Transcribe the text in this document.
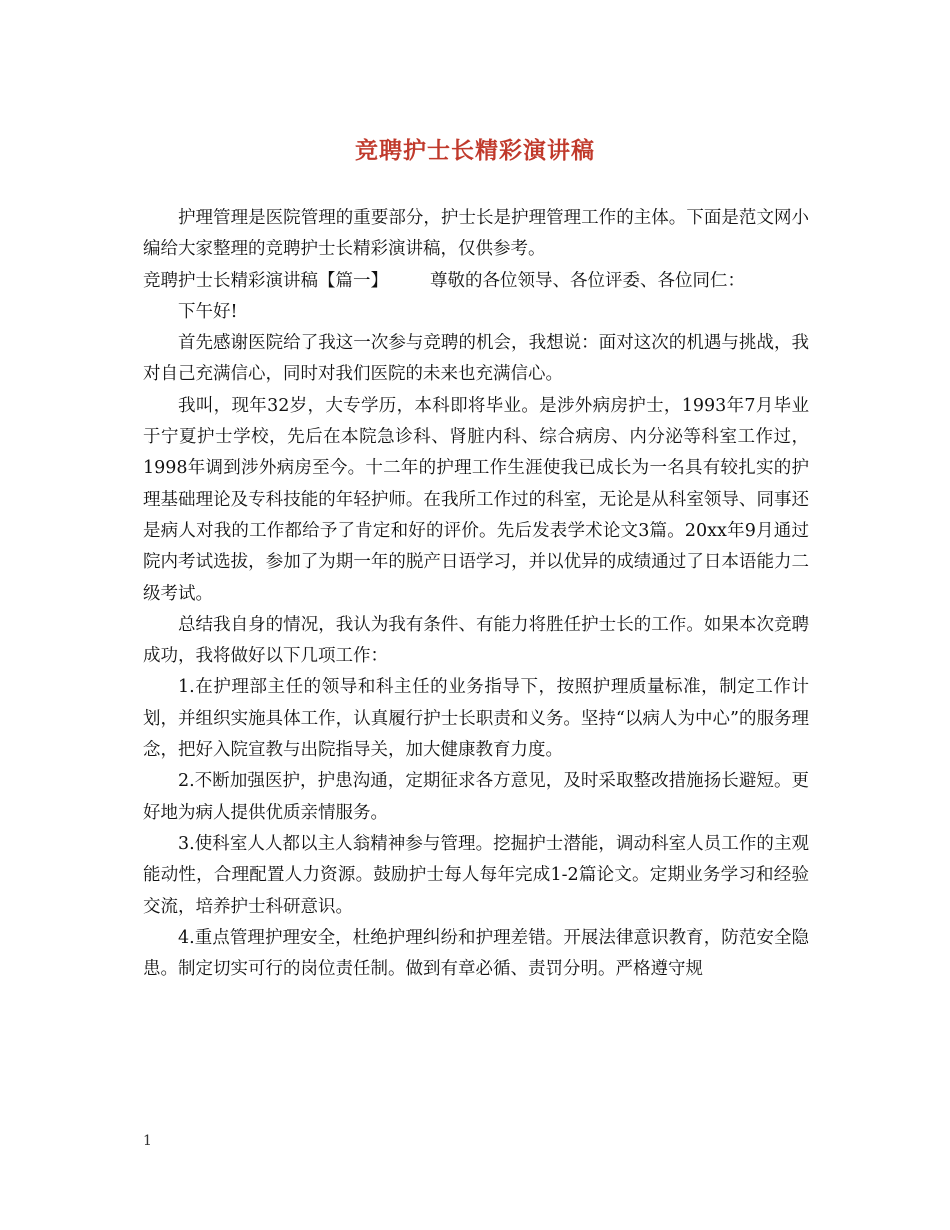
竞聘护士长精彩演讲稿

护理管理是医院管理的重要部分，护士长是护理管理工作的主体。下面是范文网小编给大家整理的竞聘护士长精彩演讲稿，仅供参考。

竞聘护士长精彩演讲稿【篇一】 尊敬的各位领导、各位评委、各位同仁：

下午好!

首先感谢医院给了我这一次参与竞聘的机会，我想说：面对这次的机遇与挑战，我对自己充满信心，同时对我们医院的未来也充满信心。

我叫，现年32岁，大专学历，本科即将毕业。是涉外病房护士，1993年7月毕业于宁夏护士学校，先后在本院急诊科、肾脏内科、综合病房、内分泌等科室工作过，1998年调到涉外病房至今。十二年的护理工作生涯使我已成长为一名具有较扎实的护理基础理论及专科技能的年轻护师。在我所工作过的科室，无论是从科室领导、同事还是病人对我的工作都给予了肯定和好的评价。先后发表学术论文3篇。20xx年9月通过院内考试选拔，参加了为期一年的脱产日语学习，并以优异的成绩通过了日本语能力二级考试。

总结我自身的情况，我认为我有条件、有能力将胜任护士长的工作。如果本次竞聘成功，我将做好以下几项工作：

1.在护理部主任的领导和科主任的业务指导下，按照护理质量标准，制定工作计划，并组织实施具体工作，认真履行护士长职责和义务。坚持“以病人为中心”的服务理念，把好入院宣教与出院指导关，加大健康教育力度。

2.不断加强医护，护患沟通，定期征求各方意见，及时采取整改措施扬长避短。更好地为病人提供优质亲情服务。

3.使科室人人都以主人翁精神参与管理。挖掘护士潜能，调动科室人员工作的主观能动性，合理配置人力资源。鼓励护士每人每年完成1-2篇论文。定期业务学习和经验交流，培养护士科研意识。

4.重点管理护理安全，杜绝护理纠纷和护理差错。开展法律意识教育，防范安全隐患。制定切实可行的岗位责任制。做到有章必循、责罚分明。严格遵守规

1
